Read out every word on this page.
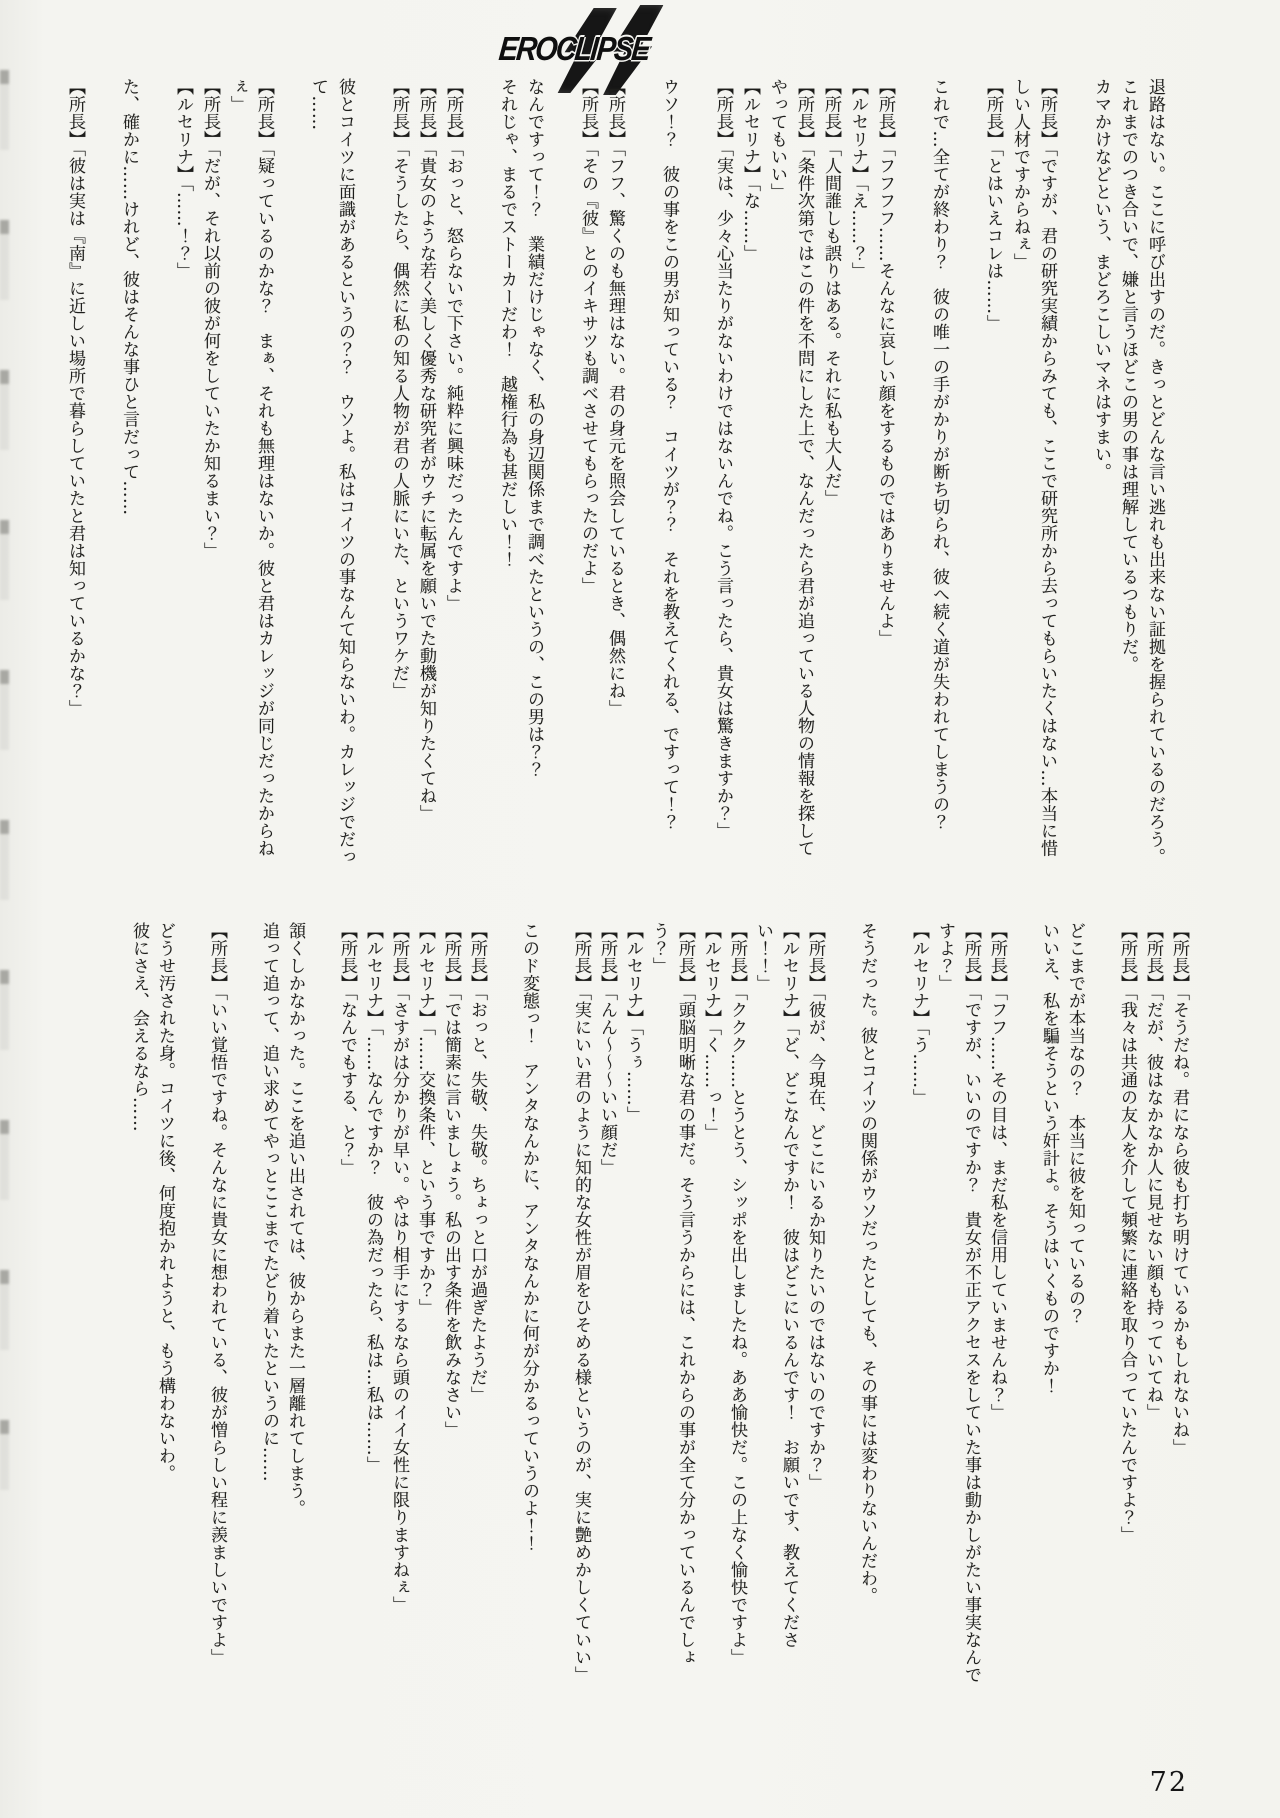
EROCLIPSE

退路はない。ここに呼び出すのだ。きっとどんな言い逃れも出来ない証拠を握られているのだろう。

これまでのつき合いで、嫌と言うほどこの男の事は理解しているつもりだ。

カマかけなどという、まどろこしいマネはすまい。

【所長】「ですが、君の研究実績からみても、ここで研究所から去ってもらいたくはない…本当に惜しい人材ですからねぇ」

【所長】「とはいえコレは……」

これで…全てが終わり？　彼の唯一の手がかりが断ち切られ、彼へ続く道が失われてしまうの？

【所長】「フフフフ……そんなに哀しい顔をするものではありませんよ」

【ルセリナ】「え……？」

【所長】「人間誰しも誤りはある。それに私も大人だ」

【所長】「条件次第ではこの件を不問にした上で、なんだったら君が追っている人物の情報を探してやってもいい」

【ルセリナ】「な……」

【所長】「実は、少々心当たりがないわけではないんでね。こう言ったら、貴女は驚きますか？」

ウソ！？　彼の事をこの男が知っている？　コイツが？？　それを教えてくれる、ですって！？

【所長】「フフ、驚くのも無理はない。君の身元を照会しているとき、偶然にね」

【所長】「その『彼』とのイキサツも調べさせてもらったのだよ」

なんですって！？　業績だけじゃなく、私の身辺関係まで調べたというの、この男は？？

それじゃ、まるでストーカーだわ！　越権行為も甚だしい！！

【所長】「おっと、怒らないで下さい。純粋に興味だったんですよ」

【所長】「貴女のような若く美しく優秀な研究者がウチに転属を願いでた動機が知りたくてね」

【所長】「そうしたら、偶然に私の知る人物が君の人脈にいた、というワケだ」

彼とコイツに面識があるというの？？　ウソよ。私はコイツの事なんて知らないわ。カレッジでだって……

【所長】「疑っているのかな？　まぁ、それも無理はないか。彼と君はカレッジが同じだったからねぇ」

【所長】「だが、それ以前の彼が何をしていたか知るまい？」

【ルセリナ】「……！？」

た、確かに……けれど、彼はそんな事ひと言だって……

【所長】「彼は実は『南』に近しい場所で暮らしていたと君は知っているかな？」

【所長】「そうだね。君になら彼も打ち明けているかもしれないね」

【所長】「だが、彼はなかなか人に見せない顔も持っていてね」

【所長】「我々は共通の友人を介して頻繁に連絡を取り合っていたんですよ？」

どこまでが本当なの？　本当に彼を知っているの？

いいえ、私を騙そうという奸計よ。そうはいくものですか！

【所長】「フフ……その目は、まだ私を信用していませんね？」

【所長】「ですが、いいのですか？　貴女が不正アクセスをしていた事は動かしがたい事実なんですよ？」

【ルセリナ】「う……」

そうだった。彼とコイツの関係がウソだったとしても、その事には変わりないんだわ。

【所長】「彼が、今現在、どこにいるか知りたいのではないのですか？」

【ルセリナ】「ど、どこなんですか！　彼はどこにいるんです！　お願いです、教えてください！！」

【所長】「ククク……とうとう、シッポを出しましたね。ああ愉快だ。この上なく愉快ですよ」

【ルセリナ】「く……っ！」

【所長】「頭脳明晰な君の事だ。そう言うからには、これからの事が全て分かっているんでしょう？」

【ルセリナ】「うぅ……」

【所長】「んん～～～いい顔だ」

【所長】「実にいい君のように知的な女性が眉をひそめる様というのが、実に艶めかしくていい」

このド変態っ！　アンタなんかに、アンタなんかに何が分かるっていうのよ！！

【所長】「おっと、失敬、失敬。ちょっと口が過ぎたようだ」

【所長】「では簡素に言いましょう。私の出す条件を飲みなさい」

【ルセリナ】「……交換条件、という事ですか？」

【所長】「さすがは分かりが早い。やはり相手にするなら頭のイイ女性に限りますねぇ」

【ルセリナ】「……なんですか？　彼の為だったら、私は…私は……」

【所長】「なんでもする、と？」

頷くしかなかった。ここを追い出されては、彼からまた一層離れてしまう。

追って追って、追い求めてやっとここまでたどり着いたというのに……

【所長】「いい覚悟ですね。そんなに貴女に想われている、彼が憎らしい程に羨ましいですよ」

どうせ汚された身。コイツに後、何度抱かれようと、もう構わないわ。

彼にさえ、会えるなら……

72
